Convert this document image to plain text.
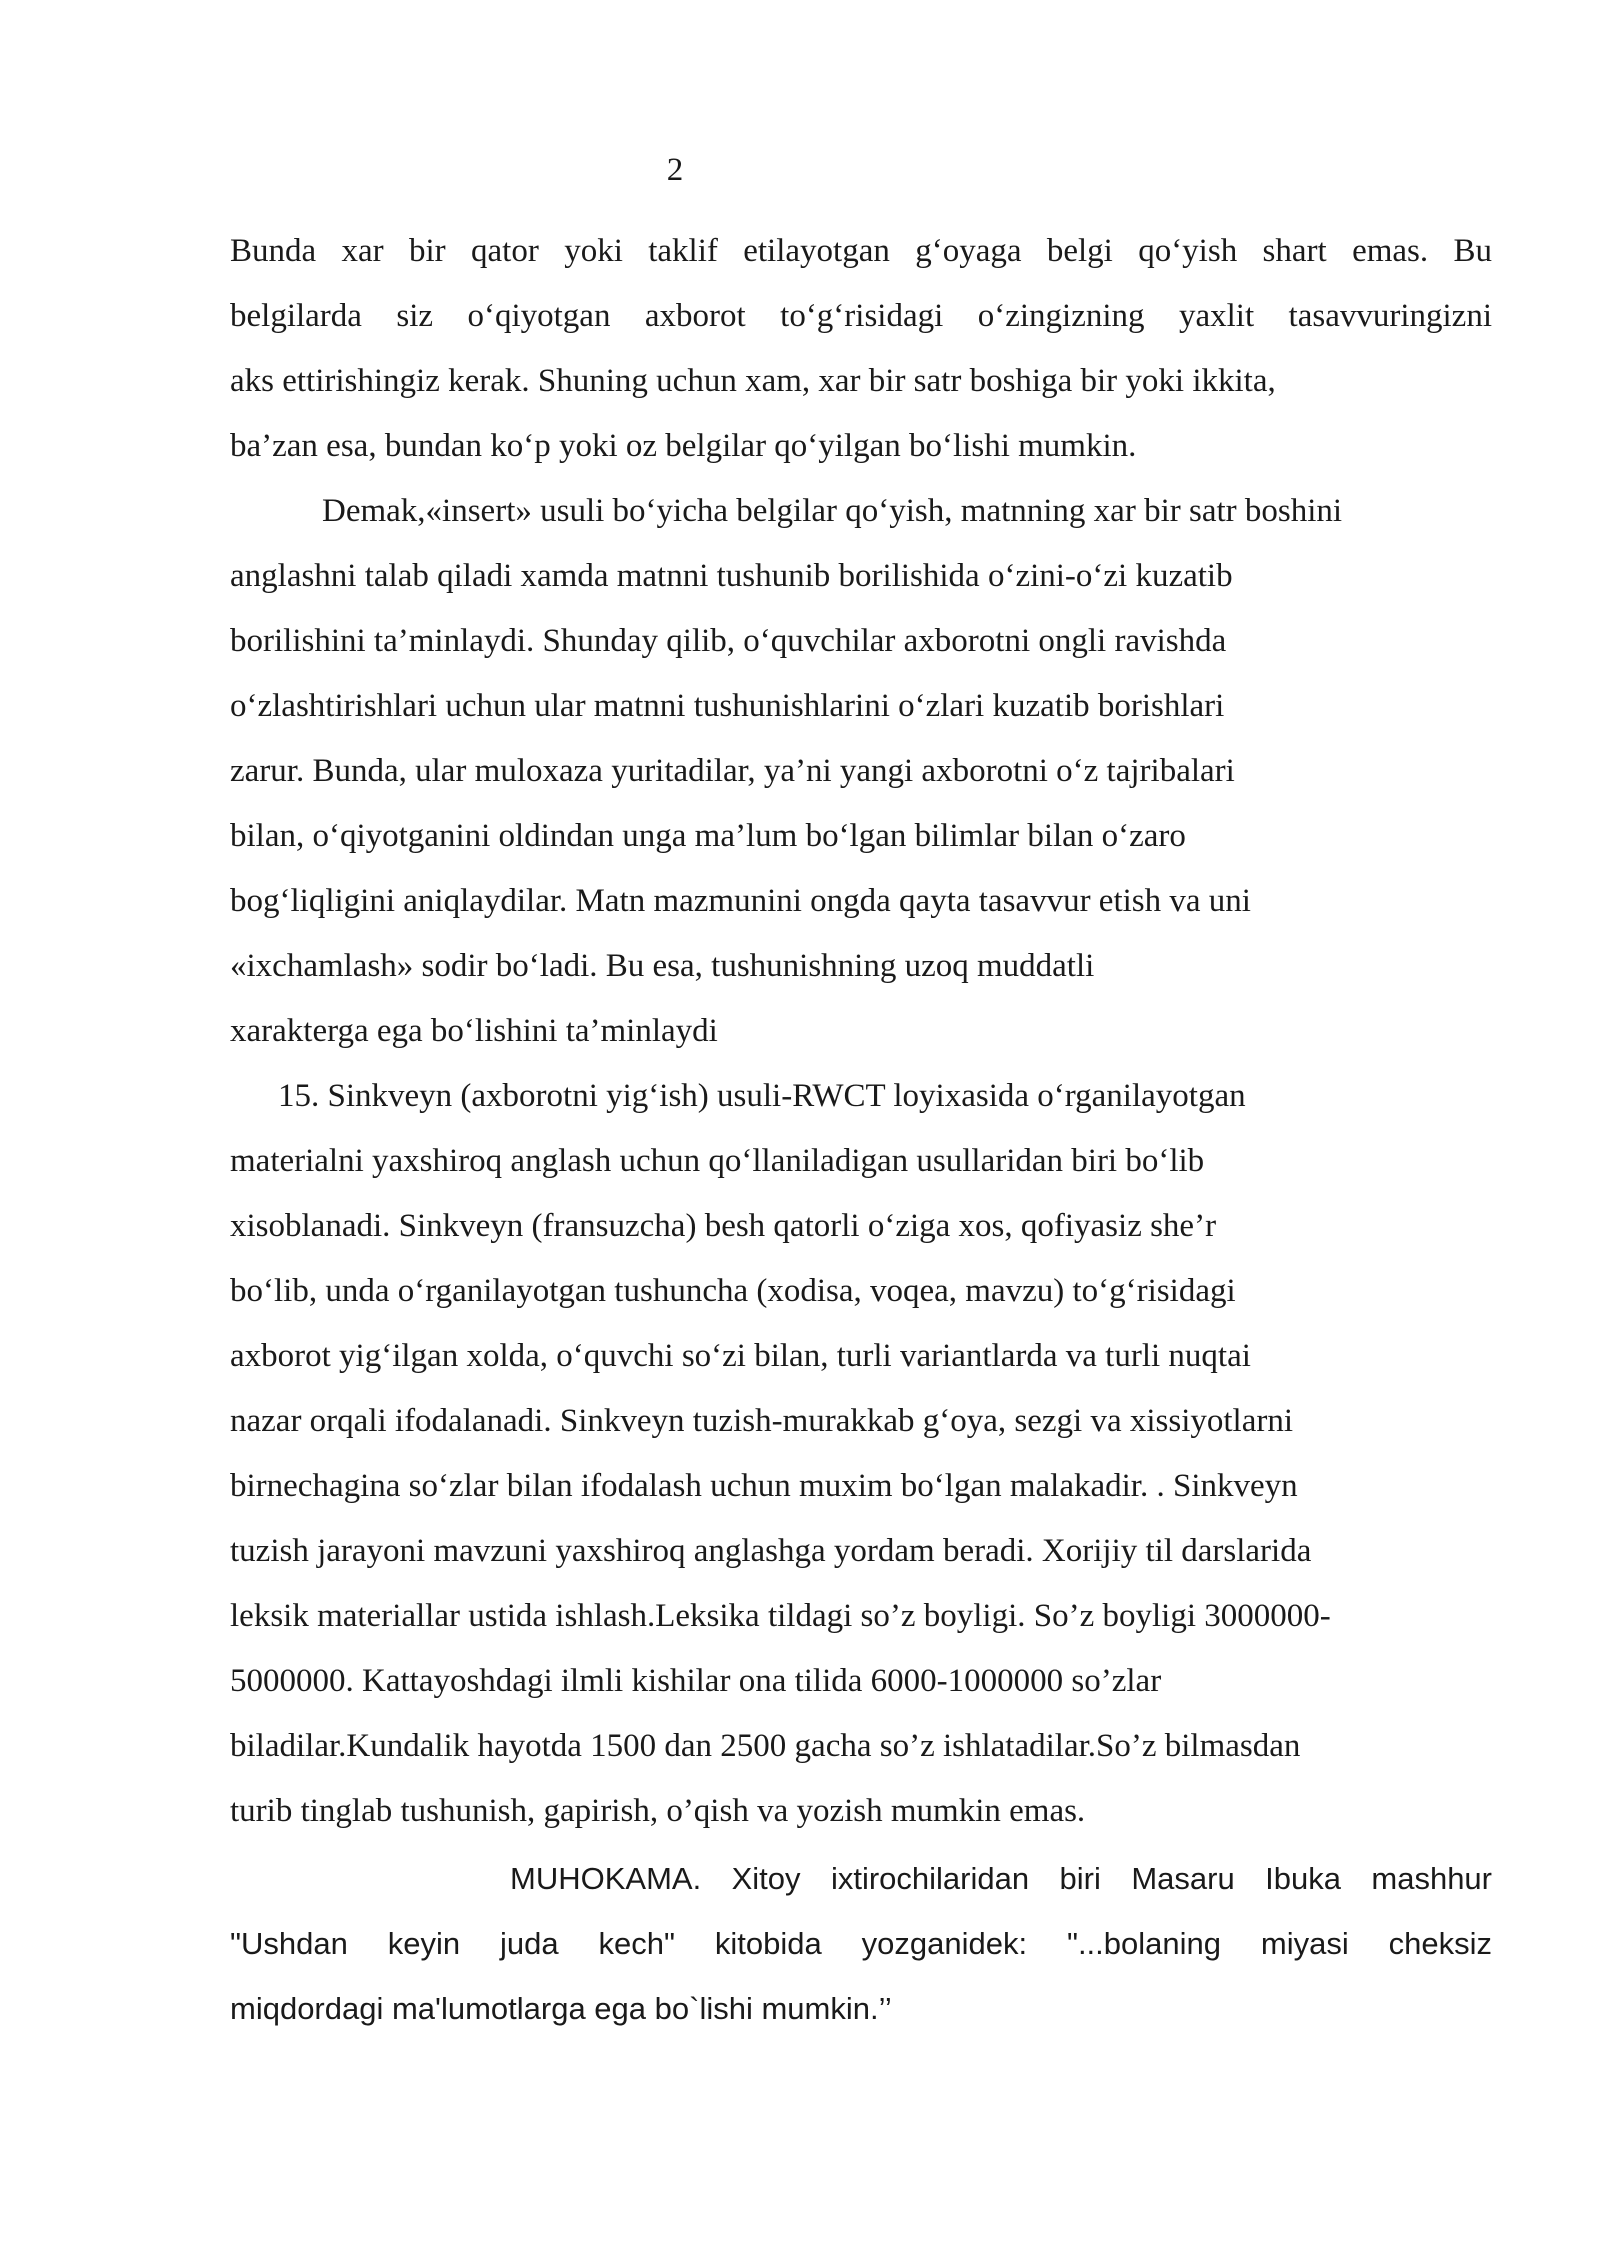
2
Bunda xar bir qator yoki taklif etilayotgan g‘oyaga belgi qo‘yish shart emas. Bu
belgilarda siz o‘qiyotgan axborot to‘g‘risidagi o‘zingizning yaxlit tasavvuringizni
aks ettirishingiz kerak. Shuning uchun xam, xar bir satr boshiga bir yoki ikkita,
ba’zan esa, bundan ko‘p yoki oz belgilar qo‘yilgan bo‘lishi mumkin.
Demak,«insert» usuli bo‘yicha belgilar qo‘yish, matnning xar bir satr boshini
anglashni talab qiladi xamda matnni tushunib borilishida o‘zini-o‘zi kuzatib
borilishini ta’minlaydi. Shunday qilib, o‘quvchilar axborotni ongli ravishda
o‘zlashtirishlari uchun ular matnni tushunishlarini o‘zlari kuzatib borishlari
zarur. Bunda, ular muloxaza yuritadilar, ya’ni yangi axborotni o‘z tajribalari
bilan, o‘qiyotganini oldindan unga ma’lum bo‘lgan bilimlar bilan o‘zaro
bog‘liqligini aniqlaydilar. Matn mazmunini ongda qayta tasavvur etish va uni
«ixchamlash» sodir bo‘ladi. Bu esa, tushunishning uzoq muddatli
xarakterga ega bo‘lishini ta’minlaydi
15. Sinkveyn (axborotni yig‘ish) usuli-RWCT loyixasida o‘rganilayotgan
materialni yaxshiroq anglash uchun qo‘llaniladigan usullaridan biri bo‘lib
xisoblanadi. Sinkveyn (fransuzcha) besh qatorli o‘ziga xos, qofiyasiz she’r
bo‘lib, unda o‘rganilayotgan tushuncha (xodisa, voqea, mavzu) to‘g‘risidagi
axborot yig‘ilgan xolda, o‘quvchi so‘zi bilan, turli variantlarda va turli nuqtai
nazar orqali ifodalanadi. Sinkveyn tuzish-murakkab g‘oya, sezgi va xissiyotlarni
birnechagina so‘zlar bilan ifodalash uchun muxim bo‘lgan malakadir. . Sinkveyn
tuzish jarayoni mavzuni yaxshiroq anglashga yordam beradi. Xorijiy til darslarida
leksik materiallar ustida ishlash.Leksika tildagi so’z boyligi. So’z boyligi 3000000-
5000000. Kattayoshdagi ilmli kishilar ona tilida 6000-1000000 so’zlar
biladilar.Kundalik hayotda 1500 dan 2500 gacha so’z ishlatadilar.So’z bilmasdan
turib tinglab tushunish, gapirish, o’qish va yozish mumkin emas.
MUHOKAMA. Xitoy ixtirochilaridan biri Masaru Ibuka mashhur
"Ushdan keyin juda kech" kitobida yozganidek: "...bolaning miyasi cheksiz
miqdordagi ma'lumotlarga ega bo`lishi mumkin.’’
